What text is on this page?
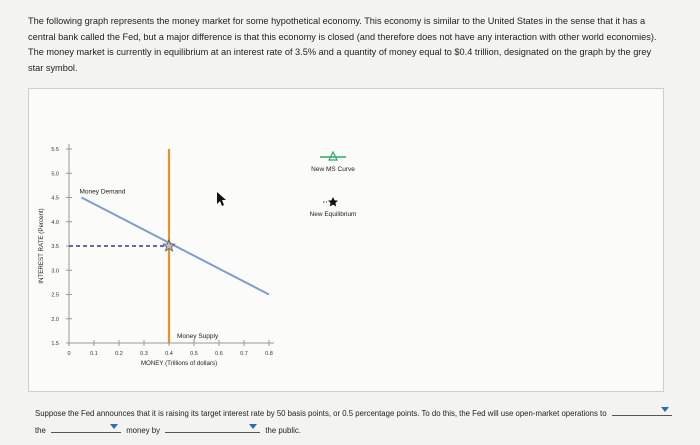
The following graph represents the money market for some hypothetical economy. This economy is similar to the United States in the sense that it has a central bank called the Fed, but a major difference is that this economy is closed (and therefore does not have any interaction with other world economies). The money market is currently in equilibrium at an interest rate of 3.5% and a quantity of money equal to $0.4 trillion, designated on the graph by the grey star symbol.
1.5
2.0
2.5
3.0
3.5
4.0
4.5
5.0
5.5
0	0.1	0.2	0.3	0.4	0.5	0.6	0.7	0.8
MONEY (Trillions of dollars)
INTEREST RATE (Percent)
Money Demand
Money Supply
New MS Curve
New Equilibrium
Suppose the Fed announces that it is raising its target interest rate by 50 basis points, or 0.5 percentage points. To do this, the Fed will use open-market operations to
the	money by	the public.
